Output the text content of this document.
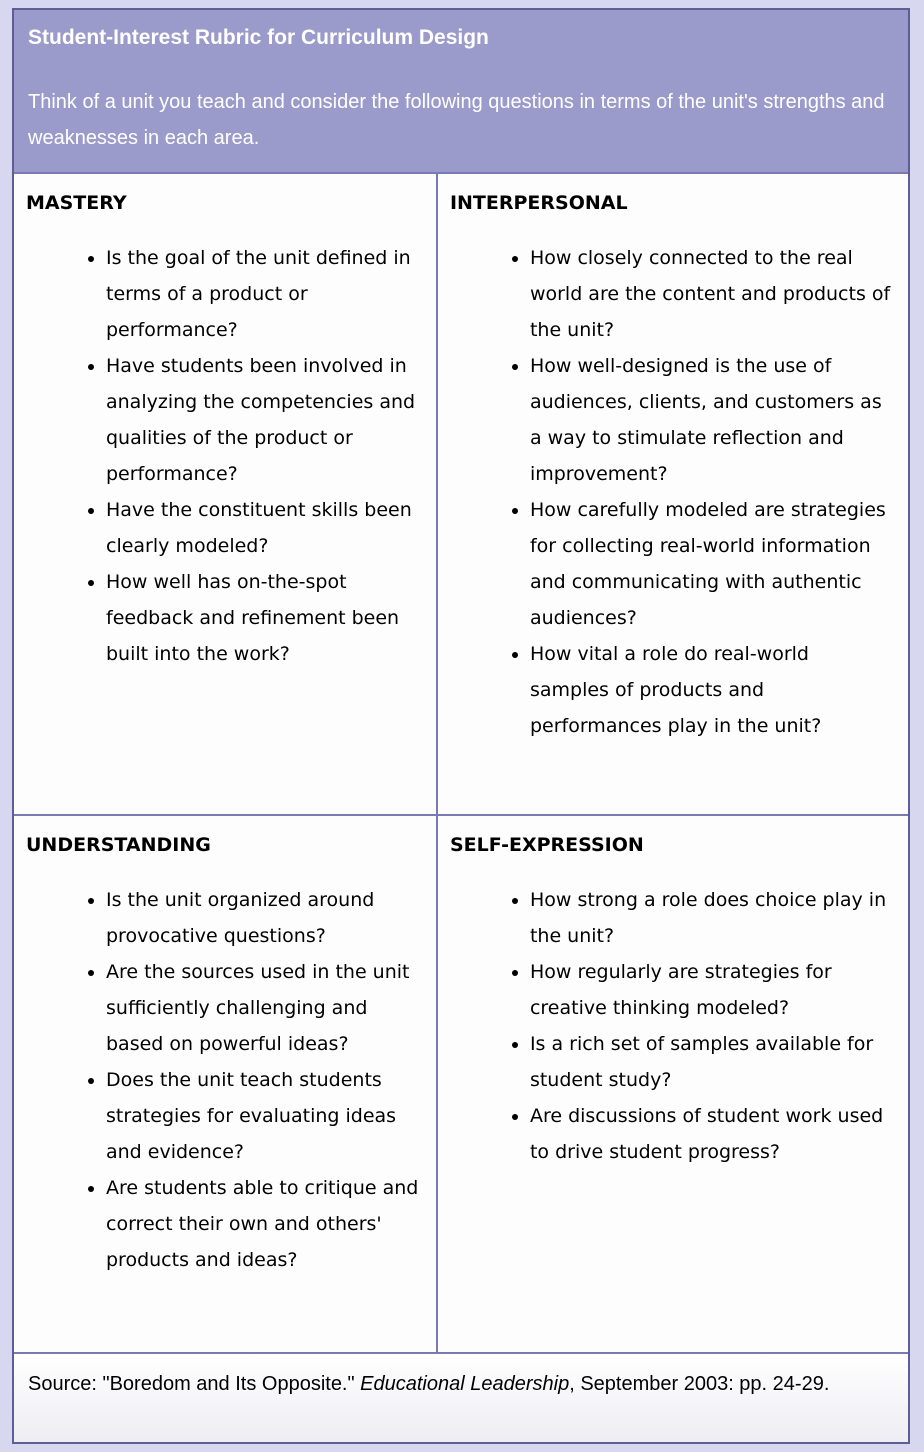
Student-Interest Rubric for Curriculum Design
Think of a unit you teach and consider the following questions in terms of the unit's strengths and weaknesses in each area.
MASTERY
• Is the goal of the unit defined in terms of a product or performance?
• Have students been involved in analyzing the competencies and qualities of the product or performance?
• Have the constituent skills been clearly modeled?
• How well has on-the-spot feedback and refinement been built into the work?
INTERPERSONAL
• How closely connected to the real world are the content and products of the unit?
• How well-designed is the use of audiences, clients, and customers as a way to stimulate reflection and improvement?
• How carefully modeled are strategies for collecting real-world information and communicating with authentic audiences?
• How vital a role do real-world samples of products and performances play in the unit?
UNDERSTANDING
• Is the unit organized around provocative questions?
• Are the sources used in the unit sufficiently challenging and based on powerful ideas?
• Does the unit teach students strategies for evaluating ideas and evidence?
• Are students able to critique and correct their own and others' products and ideas?
SELF-EXPRESSION
• How strong a role does choice play in the unit?
• How regularly are strategies for creative thinking modeled?
• Is a rich set of samples available for student study?
• Are discussions of student work used to drive student progress?
Source: "Boredom and Its Opposite." Educational Leadership, September 2003: pp. 24-29.
